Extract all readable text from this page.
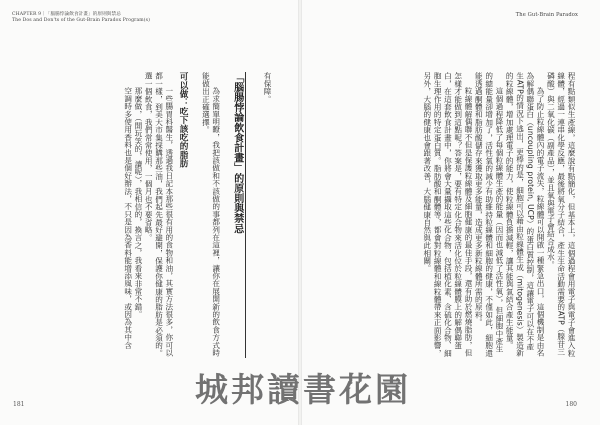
CHAPTER 9｜「腦腸悖論飲食計畫」的原則與禁忌
The Dos and Don'ts of the Gut-Brain Paradox Program(s)
181
The Gut-Brain Paradox
180

程有點類似生產線，這麼說有點簡化，但基本上，這個過程會用電子與電子會進入粒線體，經過一連串化學反應，最後將氧分子結合，產生生命活動需要的ATP（腺苷三磷酸）與二氧化碳（副產品），並且氧與電子會結合成水。

為了防止粒線體內的電子流失，粒線體可以開啟一種緊急出口，這個機制是由名為解偶聯蛋白（uncoupling protein, UCP）的蛋白質控制，這讓電子可以在不產生ATP的情況下逃出，更棒的是，細胞可以藉由粒線體生成（mitogenesis）製造新的粒線體，增加處理電子的能力，使粒線體負擔減輕，讓其能與氧結合產生能量。

這個過程降低了每個粒線體生產的能量（因而也減低了活性氧），但細胞中產生的總能量卻增加了，活性氧的減少有助維持粒線體和細胞的健康，不僅如此，細胞還能透過酮體和脂肪酸儲存來獲取更多能量，造成更多新粒線體所需的原料。

粒線體解偶聯不但是保護粒線體及細胞健康的最佳手段，還有助於燃燒脂肪，但怎樣才能做到這點呢？答案是，要有特定化合物來活化位於粒線體膜上的解偶聯蛋白，在這套飲食計畫中，你將會大量攝取這些化合物，包括植化素、含硫化合物、細胞生理作用的特定蛋白質。脂肪酸和酮體等，都會對粒線體和線粒體帶來正面影響，另外，大腦的健康也會跟著改善，大腦健康自然與此相關。

有保障。

「腦腸悖論飲食計畫」的原則與禁忌

為求簡單明瞭，我把該做和不該做的事都列在這裡，讓你在展開新的飲食方式時能做出正確選擇。

可以做：吃下該吃的脂肪

一些腸胃科醫生，透過我日記本那些很有用的食物和油，其實方法很多，你可以都一樣，到美大市集採購那些油，我們起先最好避開，保護你健康的脂肪是必須的。選一個飲食，我們常常使用，一個月也不要省略。

那麼做，（開玩笑的，讀呢），我相信的，換言之，我看來非常不錯。

空調時多使用香料也是個好辦法，不只是因為香料能增添風味，或因為其中含

城邦讀書花園
